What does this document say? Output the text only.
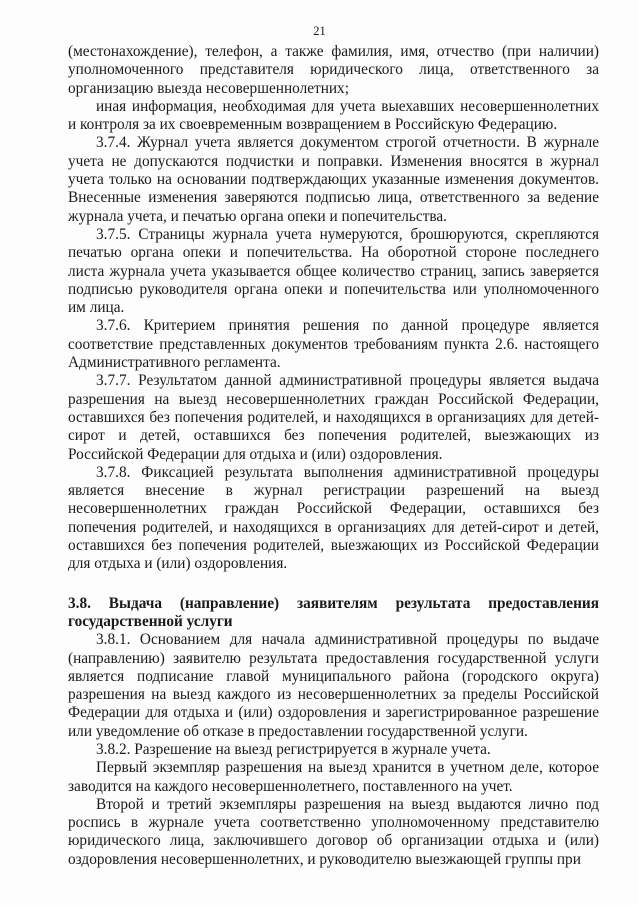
21

(местонахождение), телефон, а также фамилия, имя, отчество (при наличии) уполномоченного представителя юридического лица, ответственного за организацию выезда несовершеннолетних;

иная информация, необходимая для учета выехавших несовершеннолетних и контроля за их своевременным возвращением в Российскую Федерацию.

3.7.4. Журнал учета является документом строгой отчетности. В журнале учета не допускаются подчистки и поправки. Изменения вносятся в журнал учета только на основании подтверждающих указанные изменения документов. Внесенные изменения заверяются подписью лица, ответственного за ведение журнала учета, и печатью органа опеки и попечительства.

3.7.5. Страницы журнала учета нумеруются, брошюруются, скрепляются печатью органа опеки и попечительства. На оборотной стороне последнего листа журнала учета указывается общее количество страниц, запись заверяется подписью руководителя органа опеки и попечительства или уполномоченного им лица.

3.7.6. Критерием принятия решения по данной процедуре является соответствие представленных документов требованиям пункта 2.6. настоящего Административного регламента.

3.7.7. Результатом данной административной процедуры является выдача разрешения на выезд несовершеннолетних граждан Российской Федерации, оставшихся без попечения родителей, и находящихся в организациях для детей-сирот и детей, оставшихся без попечения родителей, выезжающих из Российской Федерации для отдыха и (или) оздоровления.

3.7.8. Фиксацией результата выполнения административной процедуры является внесение в журнал регистрации разрешений на выезд несовершеннолетних граждан Российской Федерации, оставшихся без попечения родителей, и находящихся в организациях для детей-сирот и детей, оставшихся без попечения родителей, выезжающих из Российской Федерации для отдыха и (или) оздоровления.

3.8. Выдача (направление) заявителям результата предоставления государственной услуги

3.8.1. Основанием для начала административной процедуры по выдаче (направлению) заявителю результата предоставления государственной услуги является подписание главой муниципального района (городского округа) разрешения на выезд каждого из несовершеннолетних за пределы Российской Федерации для отдыха и (или) оздоровления и зарегистрированное разрешение или уведомление об отказе в предоставлении государственной услуги.

3.8.2. Разрешение на выезд регистрируется в журнале учета.

Первый экземпляр разрешения на выезд хранится в учетном деле, которое заводится на каждого несовершеннолетнего, поставленного на учет.

Второй и третий экземпляры разрешения на выезд выдаются лично под роспись в журнале учета соответственно уполномоченному представителю юридического лица, заключившего договор об организации отдыха и (или) оздоровления несовершеннолетних, и руководителю выезжающей группы при
